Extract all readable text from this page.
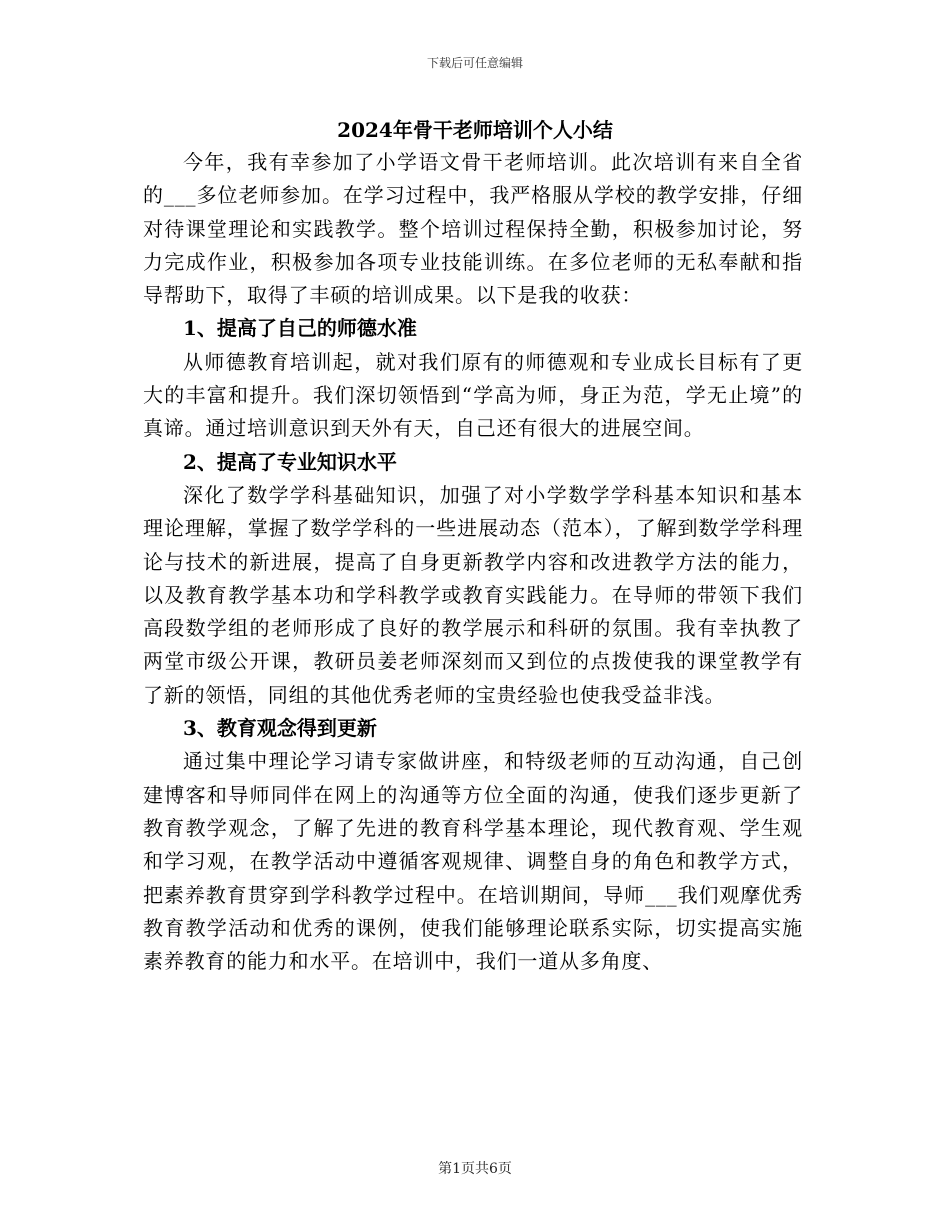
下载后可任意编辑

2024年骨干老师培训个人小结

今年，我有幸参加了小学语文骨干老师培训。此次培训有来自全省的___多位老师参加。在学习过程中，我严格服从学校的教学安排，仔细对待课堂理论和实践教学。整个培训过程保持全勤，积极参加讨论，努力完成作业，积极参加各项专业技能训练。在多位老师的无私奉献和指导帮助下，取得了丰硕的培训成果。以下是我的收获：

1、提高了自己的师德水准

从师德教育培训起，就对我们原有的师德观和专业成长目标有了更大的丰富和提升。我们深切领悟到“学高为师，身正为范，学无止境”的真谛。通过培训意识到天外有天，自己还有很大的进展空间。

2、提高了专业知识水平

深化了数学学科基础知识，加强了对小学数学学科基本知识和基本理论理解，掌握了数学学科的一些进展动态（范本），了解到数学学科理论与技术的新进展，提高了自身更新教学内容和改进教学方法的能力，以及教育教学基本功和学科教学或教育实践能力。在导师的带领下我们高段数学组的老师形成了良好的教学展示和科研的氛围。我有幸执教了两堂市级公开课，教研员姜老师深刻而又到位的点拨使我的课堂教学有了新的领悟，同组的其他优秀老师的宝贵经验也使我受益非浅。

3、教育观念得到更新

通过集中理论学习请专家做讲座，和特级老师的互动沟通，自己创建博客和导师同伴在网上的沟通等方位全面的沟通，使我们逐步更新了教育教学观念，了解了先进的教育科学基本理论，现代教育观、学生观和学习观，在教学活动中遵循客观规律、调整自身的角色和教学方式，把素养教育贯穿到学科教学过程中。在培训期间，导师___我们观摩优秀教育教学活动和优秀的课例，使我们能够理论联系实际，切实提高实施素养教育的能力和水平。在培训中，我们一道从多角度、

第1页共6页
